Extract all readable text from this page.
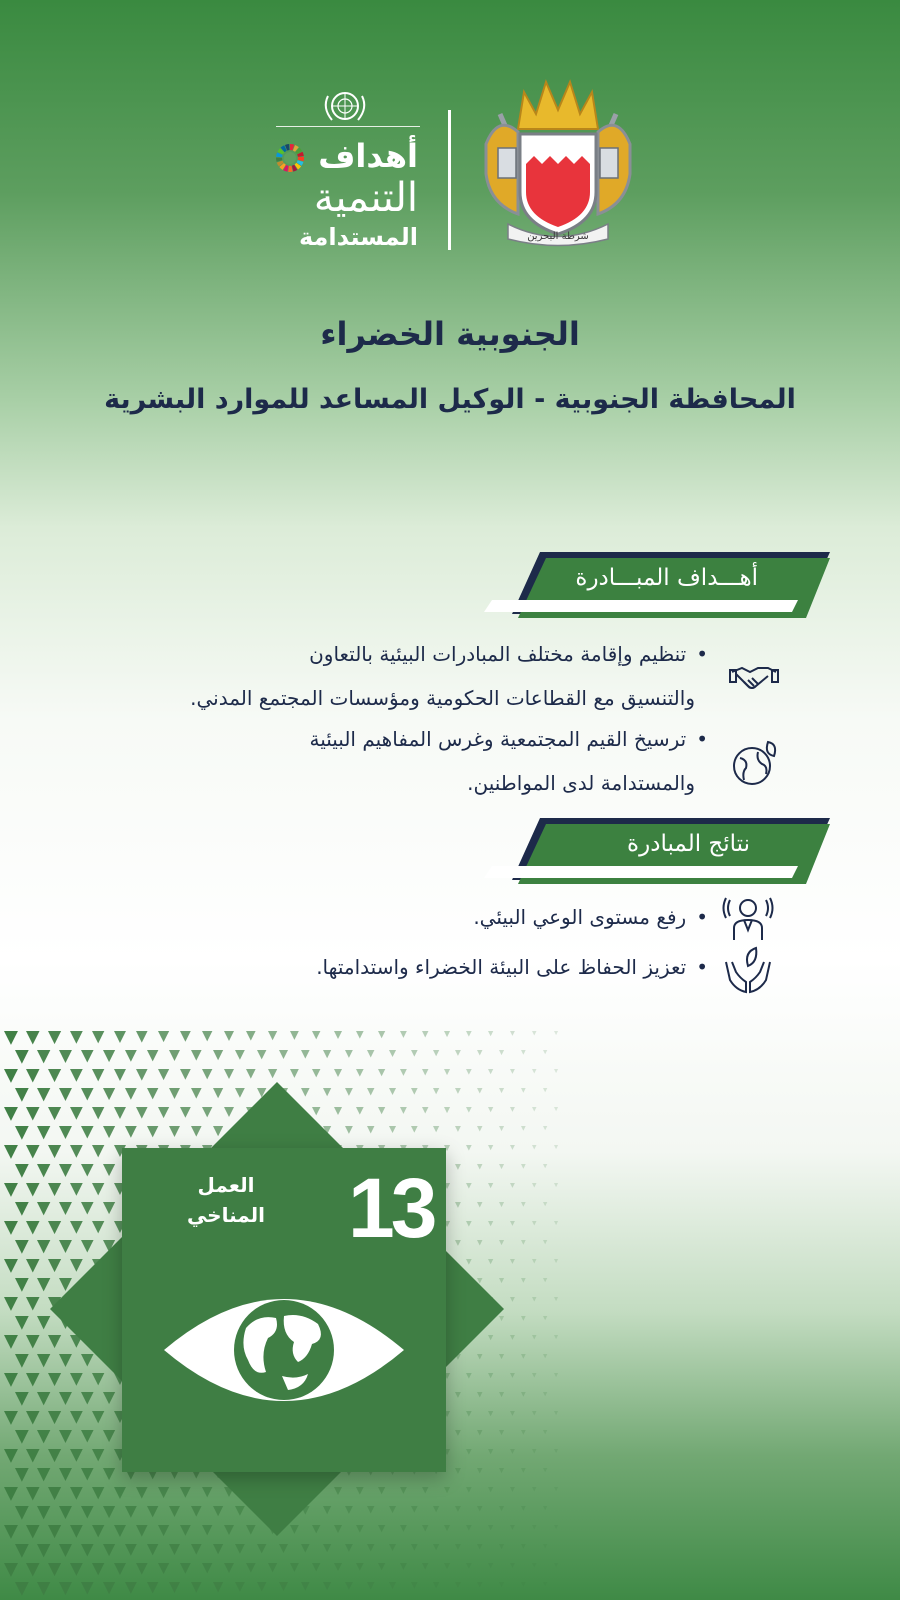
أهداف
التنمية
المستدامة	شرطة البحرين
الجنوبية الخضراء
المحافظة الجنوبية - الوكيل المساعد للموارد البشرية
أهـــداف المبـــادرة
•تنظيم وإقامة مختلف المبادرات البيئية بالتعاون
والتنسيق مع القطاعات الحكومية ومؤسسات المجتمع المدني.
•ترسيخ القيم المجتمعية وغرس المفاهيم البيئية
والمستدامة لدى المواطنين.
نتائج المبادرة
•رفع مستوى الوعي البيئي.
•تعزيز الحفاظ على البيئة الخضراء واستدامتها.
13
العمل
المناخي
